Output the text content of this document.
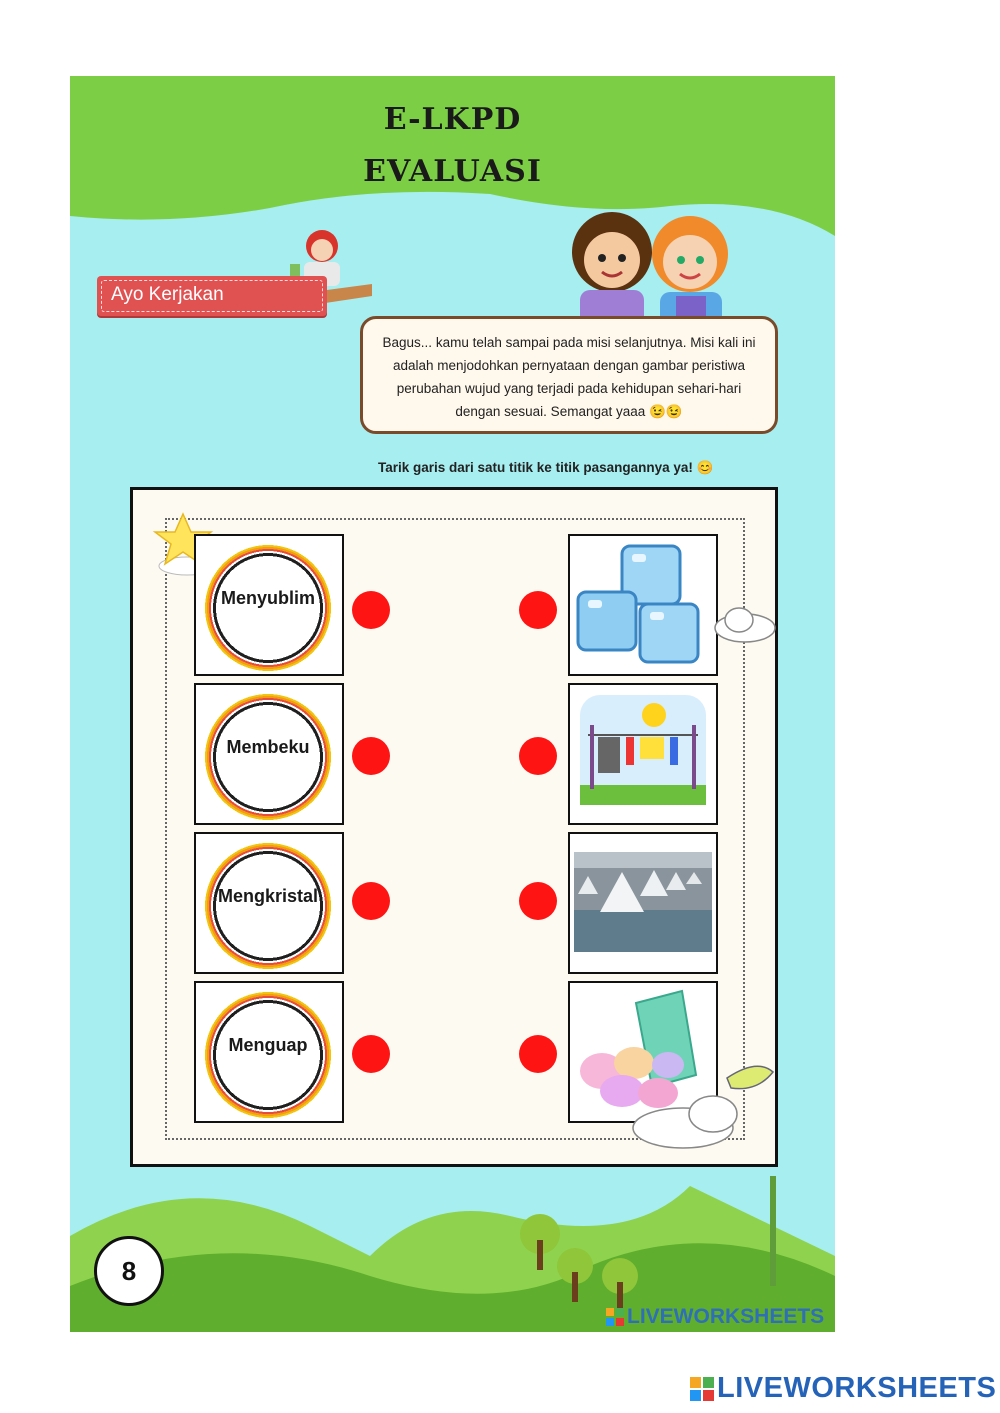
E-LKPD
EVALUASI
Ayo Kerjakan
Bagus... kamu telah sampai pada misi selanjutnya. Misi kali ini adalah menjodohkan pernyataan dengan gambar peristiwa perubahan wujud yang terjadi pada kehidupan sehari-hari dengan sesuai. Semangat yaaa 😉😉
Tarik garis dari satu titik ke titik pasangannya ya! 😊
Menyublim
Membeku
Mengkristal
Menguap
8
LIVEWORKSHEETS
LIVEWORKSHEETS
